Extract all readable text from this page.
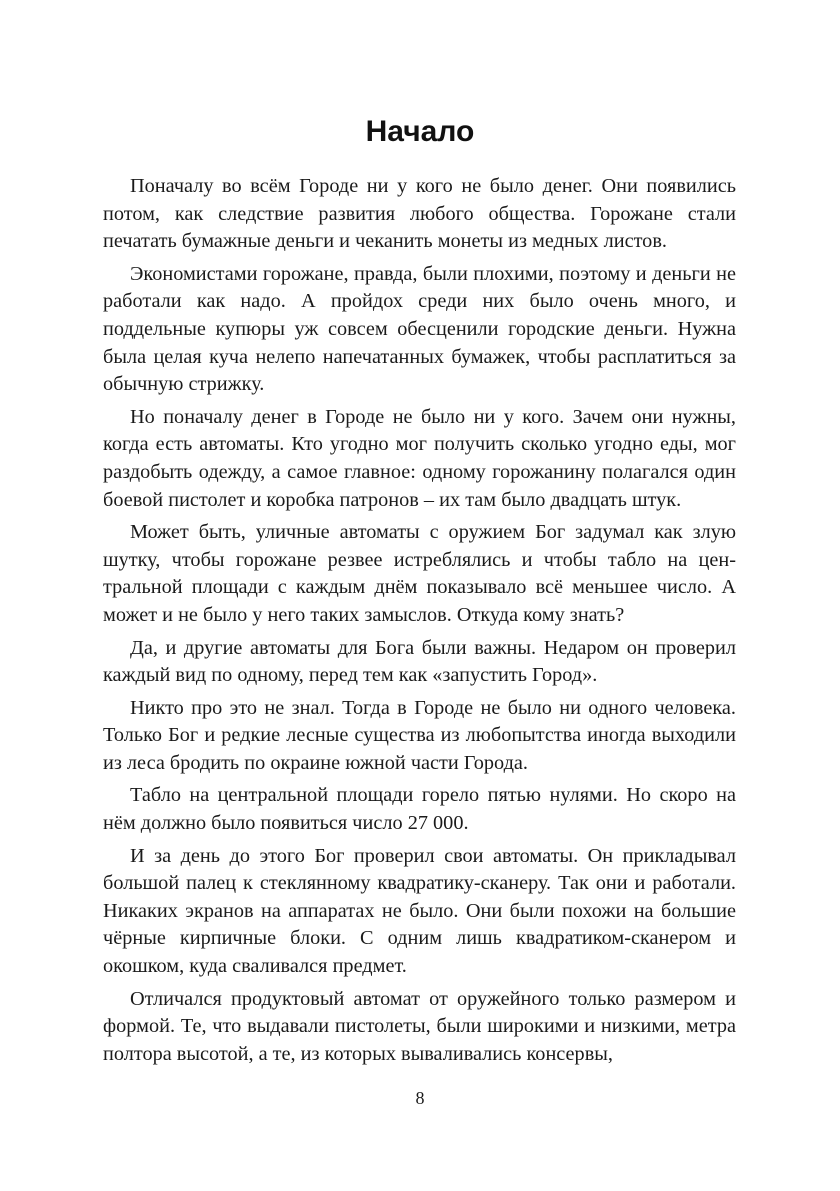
Начало

Поначалу во всём Городе ни у кого не было денег. Они появились потом, как следствие развития любого общества. Горожане стали печатать бумажные деньги и чеканить монеты из медных листов.

Экономистами горожане, правда, были плохими, поэтому и деньги не работали как надо. А пройдох среди них было очень много, и поддельные купюры уж совсем обесценили городские деньги. Нужна была целая куча нелепо напечатанных бумажек, чтобы расплатиться за обычную стрижку.

Но поначалу денег в Городе не было ни у кого. Зачем они нужны, когда есть автоматы. Кто угодно мог получить сколько угодно еды, мог раздобыть одежду, а самое главное: одному горожанину полагался один боевой пистолет и коробка патронов – их там было двадцать штук.

Может быть, уличные автоматы с оружием Бог задумал как злую шутку, чтобы горожане резвее истреблялись и чтобы табло на центральной площади с каждым днём показывало всё меньшее число. А может и не было у него таких замыслов. Откуда кому знать?

Да, и другие автоматы для Бога были важны. Недаром он проверил каждый вид по одному, перед тем как «запустить Город».

Никто про это не знал. Тогда в Городе не было ни одного человека. Только Бог и редкие лесные существа из любопытства иногда выходили из леса бродить по окраине южной части Города.

Табло на центральной площади горело пятью нулями. Но скоро на нём должно было появиться число 27 000.

И за день до этого Бог проверил свои автоматы. Он прикладывал большой палец к стеклянному квадратику-сканеру. Так они и работали. Никаких экранов на аппаратах не было. Они были похожи на большие чёрные кирпичные блоки. С одним лишь квадратиком-сканером и окошком, куда сваливался предмет.

Отличался продуктовый автомат от оружейного только размером и формой. Те, что выдавали пистолеты, были широкими и низкими, метра полтора высотой, а те, из которых вываливались консервы,

8
